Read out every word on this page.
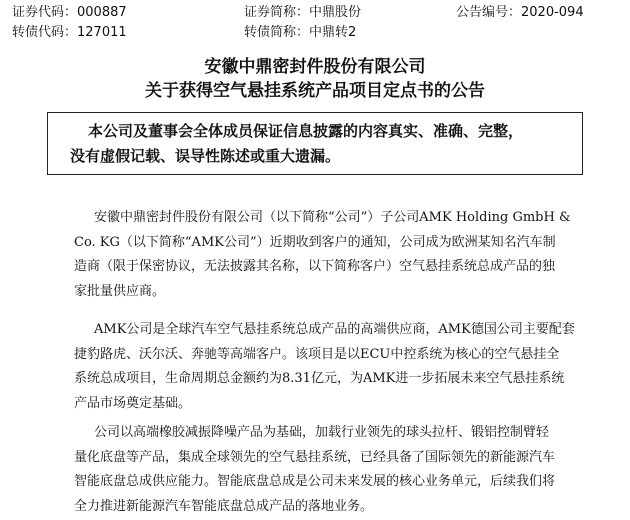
证券代码：000887	证券简称：中鼎股份	公告编号：2020-094
转债代码：127011	转债简称：中鼎转2
安徽中鼎密封件股份有限公司
关于获得空气悬挂系统产品项目定点书的公告
本公司及董事会全体成员保证信息披露的内容真实、准确、完整，
没有虚假记载、误导性陈述或重大遗漏。
安徽中鼎密封件股份有限公司（以下简称“公司”）子公司AMK Holding GmbH &
Co. KG（以下简称“AMK公司”）近期收到客户的通知，公司成为欧洲某知名汽车制
造商（限于保密协议，无法披露其名称，以下简称客户）空气悬挂系统总成产品的独
家批量供应商。
AMK公司是全球汽车空气悬挂系统总成产品的高端供应商，AMK德国公司主要配套
捷豹路虎、沃尔沃、奔驰等高端客户。该项目是以ECU中控系统为核心的空气悬挂全
系统总成项目，生命周期总金额约为8.31亿元，为AMK进一步拓展未来空气悬挂系统
产品市场奠定基础。
公司以高端橡胶减振降噪产品为基础，加载行业领先的球头拉杆、锻铝控制臂轻
量化底盘等产品，集成全球领先的空气悬挂系统，已经具备了国际领先的新能源汽车
智能底盘总成供应能力。智能底盘总成是公司未来发展的核心业务单元，后续我们将
全力推进新能源汽车智能底盘总成产品的落地业务。
